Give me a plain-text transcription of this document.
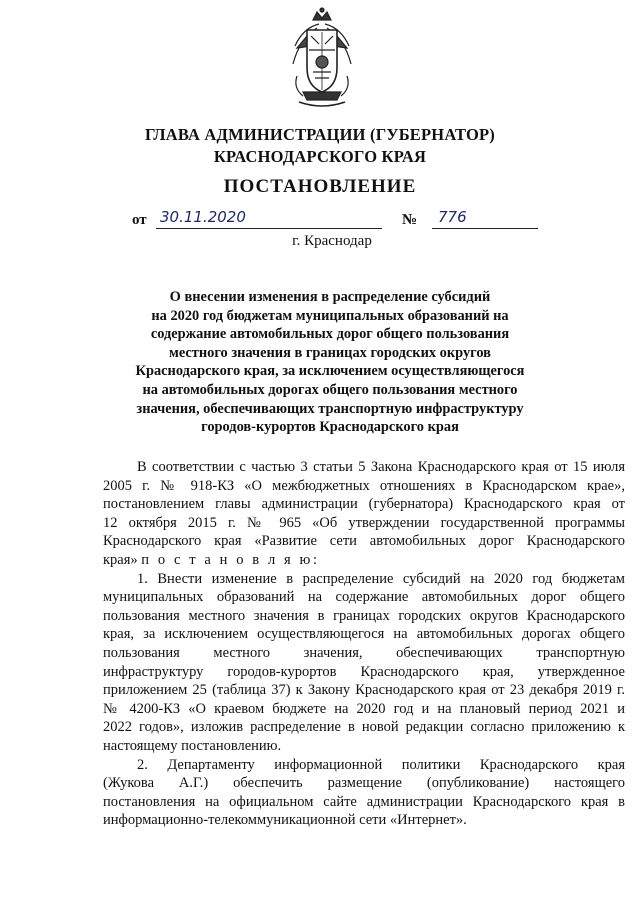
ГЛАВА АДМИНИСТРАЦИИ (ГУБЕРНАТОР)
КРАСНОДАРСКОГО КРАЯ
ПОСТАНОВЛЕНИЕ
от 30.11.2020	№	776
г. Краснодар
О внесении изменения в распределение субсидий
на 2020 год бюджетам муниципальных образований на
содержание автомобильных дорог общего пользования
местного значения в границах городских округов
Краснодарского края, за исключением осуществляющегося
на автомобильных дорогах общего пользования местного
значения, обеспечивающих транспортную инфраструктуру
городов-курортов Краснодарского края
В соответствии с частью 3 статьи 5 Закона Краснодарского края от 15 июля
2005 г. № 918-КЗ «О межбюджетных отношениях в Краснодарском крае»,
постановлением главы администрации (губернатора) Краснодарского края от
12 октября 2015 г. № 965 «Об утверждении государственной программы
Краснодарского края «Развитие сети автомобильных дорог Краснодарского
края» п о с т а н о в л я ю:
1. Внести изменение в распределение субсидий на 2020 год бюджетам
муниципальных образований на содержание автомобильных дорог общего
пользования местного значения в границах городских округов Краснодарского
края, за исключением осуществляющегося на автомобильных дорогах общего
пользования местного значения, обеспечивающих транспортную
инфраструктуру городов-курортов Краснодарского края, утвержденное
приложением 25 (таблица 37) к Закону Краснодарского края от 23 декабря 2019 г.
№ 4200-КЗ «О краевом бюджете на 2020 год и на плановый период 2021 и
2022 годов», изложив распределение в новой редакции согласно приложению к
настоящему постановлению.
2. Департаменту информационной политики Краснодарского края
(Жукова А.Г.) обеспечить размещение (опубликование) настоящего
постановления на официальном сайте администрации Краснодарского края в
информационно-телекоммуникационной сети «Интернет».
